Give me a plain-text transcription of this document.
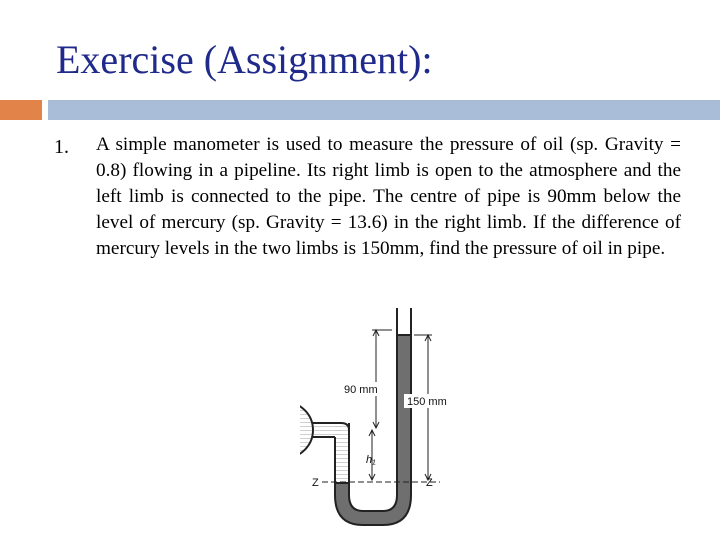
Exercise (Assignment):
1. A simple manometer is used to measure the pressure of oil (sp. Gravity = 0.8) flowing in a pipeline. Its right limb is open to the atmosphere and the left limb is connected to the pipe. The centre of pipe is 90mm below the level of mercury (sp. Gravity = 13.6) in the right limb. If the difference of mercury levels in the two limbs is 150mm, find the pressure of oil in pipe.
90 mm
150 mm
h₁
Z	Z
